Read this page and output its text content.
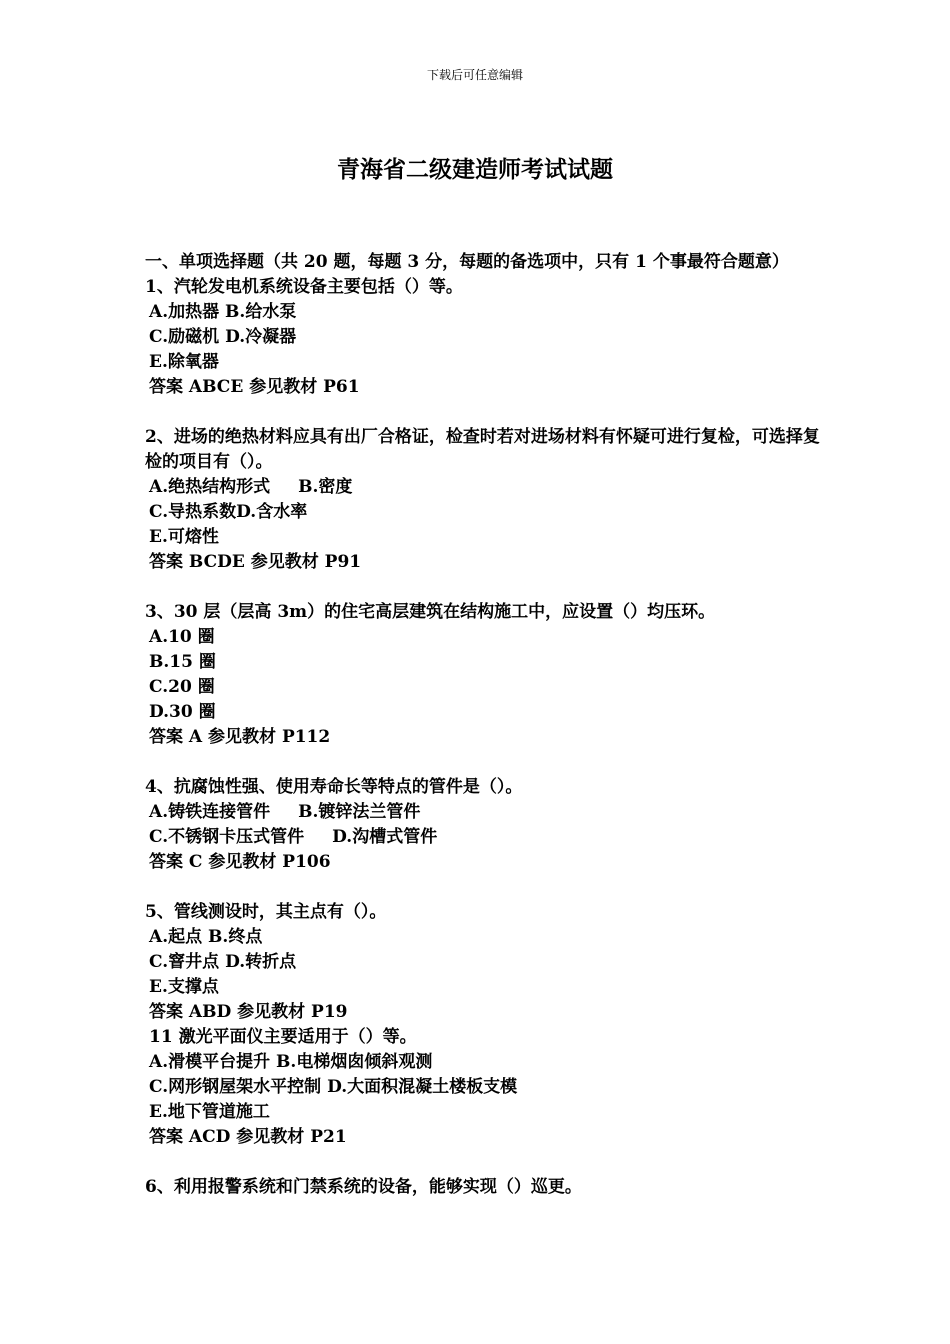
下载后可任意编辑
青海省二级建造师考试试题
一、单项选择题（共 20 题，每题 3 分，每题的备选项中，只有 1 个事最符合题意）
1、汽轮发电机系统设备主要包括（）等。
A.加热器 B.给水泵
C.励磁机 D.冷凝器
E.除氧器
答案 ABCE 参见教材 P61
2、进场的绝热材料应具有出厂合格证，检查时若对进场材料有怀疑可进行复检，可选择复检的项目有（）。
A.绝热结构形式 B.密度
C.导热系数D.含水率
E.可熔性
答案 BCDE 参见教材 P91
3、30 层（层高 3m）的住宅高层建筑在结构施工中，应设置（）均压环。
A.10 圈
B.15 圈
C.20 圈
D.30 圈
答案 A 参见教材 P112
4、抗腐蚀性强、使用寿命长等特点的管件是（）。
A.铸铁连接管件 B.镀锌法兰管件
C.不锈钢卡压式管件 D.沟槽式管件
答案 C 参见教材 P106
5、管线测设时，其主点有（）。
A.起点 B.终点
C.窨井点 D.转折点
E.支撑点
答案 ABD 参见教材 P19
11 激光平面仪主要适用于（）等。
A.滑模平台提升 B.电梯烟囱倾斜观测
C.网形钢屋架水平控制 D.大面积混凝土楼板支模
E.地下管道施工
答案 ACD 参见教材 P21
6、利用报警系统和门禁系统的设备，能够实现（）巡更。
